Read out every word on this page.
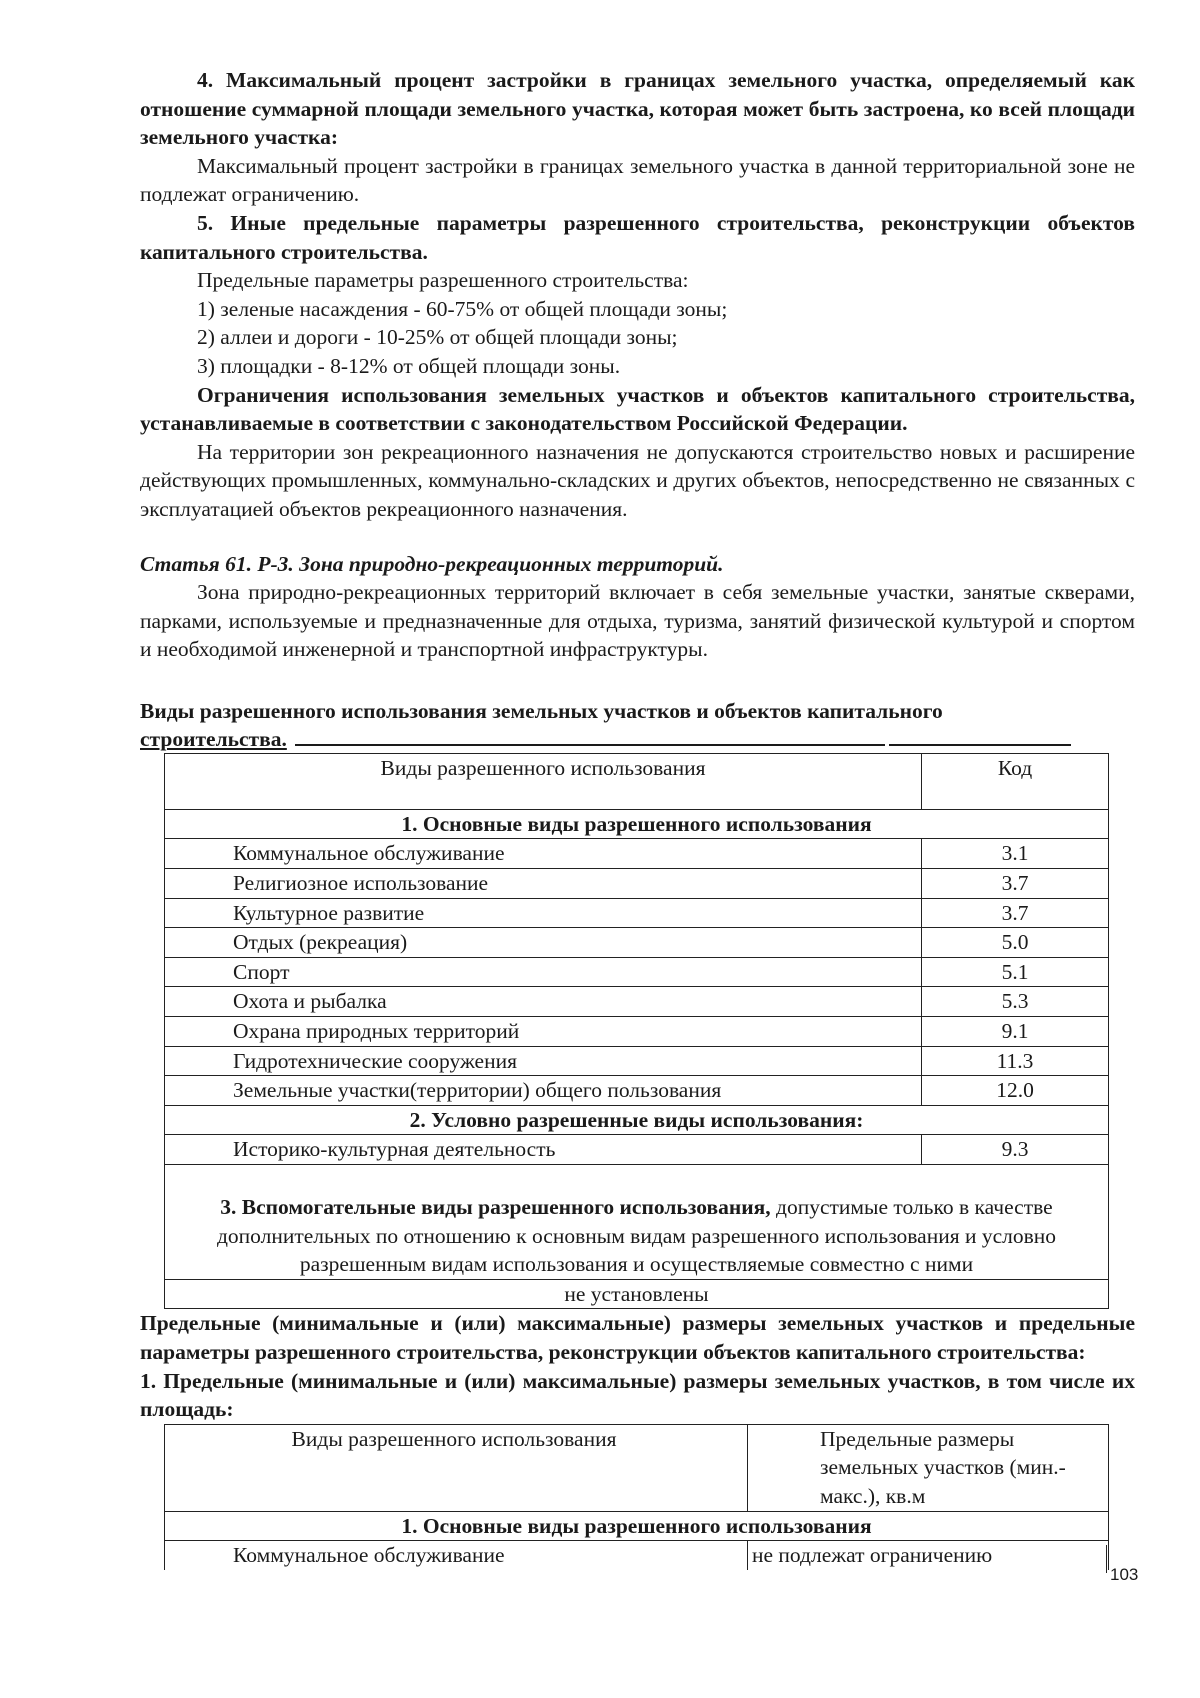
4. Максимальный процент застройки в границах земельного участка, определяемый как отношение суммарной площади земельного участка, которая может быть застроена, ко всей площади земельного участка:

Максимальный процент застройки в границах земельного участка в данной территориальной зоне не подлежат ограничению.

5. Иные предельные параметры разрешенного строительства, реконструкции объектов капитального строительства.

Предельные параметры разрешенного строительства:

1) зеленые насаждения - 60-75% от общей площади зоны;

2) аллеи и дороги - 10-25% от общей площади зоны;

3) площадки - 8-12% от общей площади зоны.

Ограничения использования земельных участков и объектов капитального строительства, устанавливаемые в соответствии с законодательством Российской Федерации.

На территории зон рекреационного назначения не допускаются строительство новых и расширение действующих промышленных, коммунально-складских и других объектов, непосредственно не связанных с эксплуатацией объектов рекреационного назначения.

Статья 61. Р-3. Зона природно-рекреационных территорий.

Зона природно-рекреационных территорий включает в себя земельные участки, занятые скверами, парками, используемые и предназначенные для отдыха, туризма, занятий физической культурой и спортом и необходимой инженерной и транспортной инфраструктуры.

Виды разрешенного использования земельных участков и объектов капитального
строительства.

Виды разрешенного использования	Код
1. Основные виды разрешенного использования	
Коммунальное обслуживание	3.1
Религиозное использование	3.7
Культурное развитие	3.7
Отдых (рекреация)	5.0
Спорт	5.1
Охота и рыбалка	5.3
Охрана природных территорий	9.1
Гидротехнические сооружения	11.3
Земельные участки(территории) общего пользования	12.0
2. Условно разрешенные виды использования:	
Историко-культурная деятельность	9.3
3. Вспомогательные виды разрешенного использования, допустимые только в качестве дополнительных по отношению к основным видам разрешенного использования и условно разрешенным видам использования и осуществляемые совместно с ними	
не установлены	

Предельные (минимальные и (или) максимальные) размеры земельных участков и предельные параметры разрешенного строительства, реконструкции объектов капитального строительства:

1. Предельные (минимальные и (или) максимальные) размеры земельных участков, в том числе их площадь:

Виды разрешенного использования	Предельные размеры земельных участков (мин.-макс.), кв.м
1. Основные виды разрешенного использования	
Коммунальное обслуживание	не подлежат ограничению
103
